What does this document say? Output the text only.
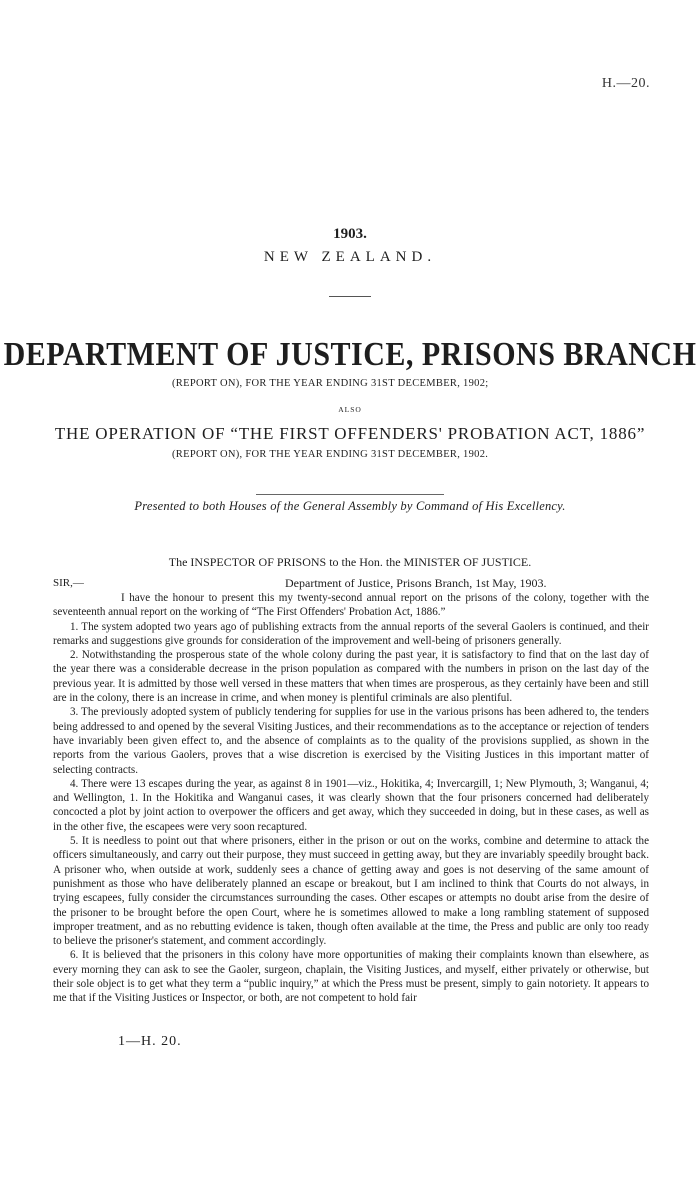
H.—20.
1903.
NEW ZEALAND.
DEPARTMENT OF JUSTICE, PRISONS BRANCH
(REPORT ON), FOR THE YEAR ENDING 31ST DECEMBER, 1902;
ALSO
THE OPERATION OF “THE FIRST OFFENDERS' PROBATION ACT, 1886”
(REPORT ON), FOR THE YEAR ENDING 31ST DECEMBER, 1902.
Presented to both Houses of the General Assembly by Command of His Excellency.
The INSPECTOR OF PRISONS to the Hon. the MINISTER OF JUSTICE.
SIR,—	Department of Justice, Prisons Branch, 1st May, 1903.

I have the honour to present this my twenty-second annual report on the prisons of the colony, together with the seventeenth annual report on the working of “The First Offenders' Probation Act, 1886.”

1. The system adopted two years ago of publishing extracts from the annual reports of the several Gaolers is continued, and their remarks and suggestions give grounds for consideration of the improvement and well-being of prisoners generally.

2. Notwithstanding the prosperous state of the whole colony during the past year, it is satisfactory to find that on the last day of the year there was a considerable decrease in the prison population as compared with the numbers in prison on the last day of the previous year. It is admitted by those well versed in these matters that when times are prosperous, as they certainly have been and still are in the colony, there is an increase in crime, and when money is plentiful criminals are also plentiful.

3. The previously adopted system of publicly tendering for supplies for use in the various prisons has been adhered to, the tenders being addressed to and opened by the several Visiting Justices, and their recommendations as to the acceptance or rejection of tenders have invariably been given effect to, and the absence of complaints as to the quality of the provisions supplied, as shown in the reports from the various Gaolers, proves that a wise discretion is exercised by the Visiting Justices in this important matter of selecting contracts.

4. There were 13 escapes during the year, as against 8 in 1901—viz., Hokitika, 4; Invercargill, 1; New Plymouth, 3; Wanganui, 4; and Wellington, 1. In the Hokitika and Wanganui cases, it was clearly shown that the four prisoners concerned had deliberately concocted a plot by joint action to overpower the officers and get away, which they succeeded in doing, but in these cases, as well as in the other five, the escapees were very soon recaptured.

5. It is needless to point out that where prisoners, either in the prison or out on the works, combine and determine to attack the officers simultaneously, and carry out their purpose, they must succeed in getting away, but they are invariably speedily brought back. A prisoner who, when outside at work, suddenly sees a chance of getting away and goes is not deserving of the same amount of punishment as those who have deliberately planned an escape or breakout, but I am inclined to think that Courts do not always, in trying escapees, fully consider the circumstances surrounding the cases. Other escapes or attempts no doubt arise from the desire of the prisoner to be brought before the open Court, where he is sometimes allowed to make a long rambling statement of supposed improper treatment, and as no rebutting evidence is taken, though often available at the time, the Press and public are only too ready to believe the prisoner's statement, and comment accordingly.

6. It is believed that the prisoners in this colony have more opportunities of making their complaints known than elsewhere, as every morning they can ask to see the Gaoler, surgeon, chaplain, the Visiting Justices, and myself, either privately or otherwise, but their sole object is to get what they term a “public inquiry,” at which the Press must be present, simply to gain notoriety. It appears to me that if the Visiting Justices or Inspector, or both, are not competent to hold fair

1—H. 20.
